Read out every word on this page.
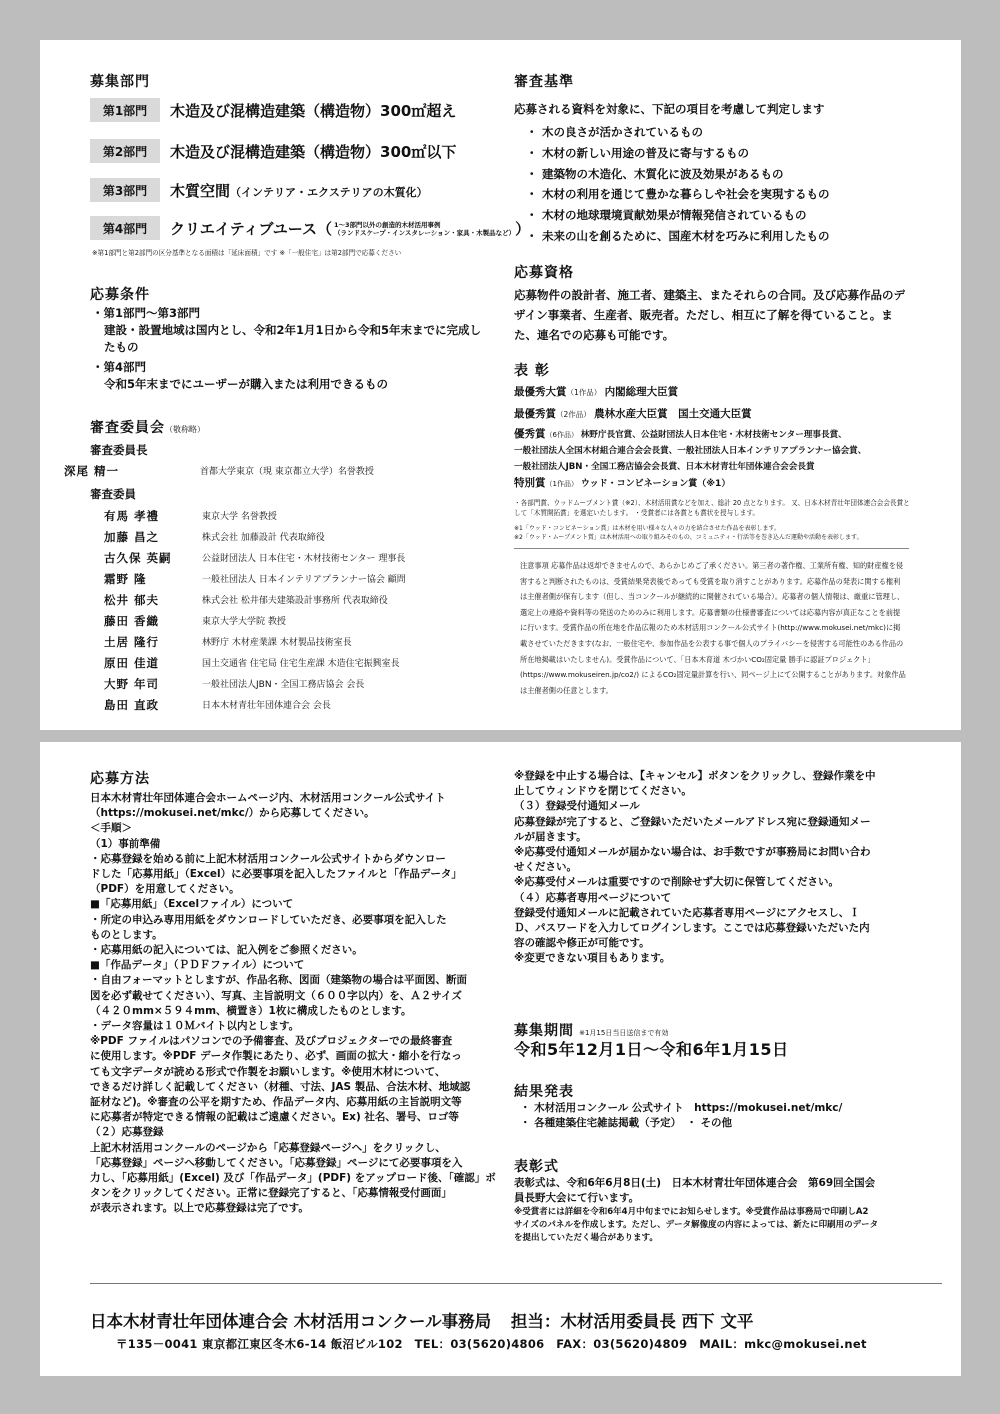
募集部門
第1部門	木造及び混構造建築（構造物）300㎡超え
第2部門	木造及び混構造建築（構造物）300㎡以下
第3部門	木質空間（インテリア・エクステリアの木質化）
第4部門	クリエイティブユース（ 1〜3部門以外の創造的木材活用事例
（ランドスケープ・インスタレーション・家具・木製品など））
※第1部門と第2部門の区分基準となる面積は「延床面積」です ※「一般住宅」は第2部門で応募ください
応募条件
・第1部門〜第3部門
建設・設置地域は国内とし、令和2年1月1日から令和5年末までに完成したもの
・第4部門
令和5年末までにユーザーが購入または利用できるもの
審査委員会（敬称略）
審査委員長
深尾 精一	首都大学東京（現 東京都立大学）名誉教授
審査委員
有馬 孝禮	東京大学 名誉教授
加藤 昌之	株式会社 加藤設計 代表取締役
古久保 英嗣	公益財団法人 日本住宅・木材技術センター 理事長
霜野 隆	一般社団法人 日本インテリアプランナー協会 顧問
松井 郁夫	株式会社 松井郁夫建築設計事務所 代表取締役
藤田 香織	東京大学大学院 教授
土居 隆行	林野庁 木材産業課 木材製品技術室長
原田 佳道	国土交通省 住宅局 住宅生産課 木造住宅振興室長
大野 年司	一般社団法人JBN・全国工務店協会 会長
島田 直政	日本木材青壮年団体連合会 会長
審査基準
応募される資料を対象に、下記の項目を考慮して判定します
・ 木の良さが活かされているもの
・ 木材の新しい用途の普及に寄与するもの
・ 建築物の木造化、木質化に波及効果があるもの
・ 木材の利用を通じて豊かな暮らしや社会を実現するもの
・ 木材の地球環境貢献効果が情報発信されているもの
・ 未来の山を創るために、国産木材を巧みに利用したもの
応募資格
応募物件の設計者、施工者、建築主、またそれらの合同。及び応募作品のデザイン事業者、生産者、販売者。ただし、相互に了解を得ていること。また、連名での応募も可能です。
表 彰
最優秀大賞（1作品） 内閣総理大臣賞
最優秀賞（2作品） 農林水産大臣賞　国土交通大臣賞
優秀賞（6作品） 林野庁長官賞、公益財団法人日本住宅・木材技術センター理事長賞、
一般社団法人全国木材組合連合会会長賞、一般社団法人日本インテリアプランナー協会賞、
一般社団法人JBN・全国工務店協会会長賞、日本木材青壮年団体連合会会長賞
特別賞（1作品） ウッド・コンビネーション賞（※1）
・各部門賞、ウッドムーブメント賞（※2）、木材活用賞などを加え、総計 20 点となります。 又、日本木材青壮年団体連合会会長賞として「木質開拓賞」を選定いたします。 ・受賞者には各賞とも賞状を授与します。
※1「ウッド・コンビネーション賞」は木材を用い様々な人々の力を結合させた作品を表彰します。
※2「ウッド・ムーブメント賞」は木材活用への取り組みそのもの、コミュニティ・行活等を巻き込んだ運動や活動を表彰します。
注意事項 応募作品は返却できませんので、あらかじめご了承ください。第三者の著作権、工業所有権、知的財産権を侵害すると判断されたものは、受賞結果発表後であっても受賞を取り消すことがあります。応募作品の発表に関する権利は主催者側が保有します（但し、当コンクールが継続的に開催されている場合）。応募者の個人情報は、厳重に管理し、選定上の連絡や資料等の発送のためのみに利用します。応募書類の仕様書審査については応募内容が真正なことを前提に行います。受賞作品の所在地を作品広報のため木材活用コンクール公式サイト(http://www.mokusei.net/mkc)に掲載させていただきます(なお、一般住宅や、参加作品を公表する事で個人のプライバシーを侵害する可能性のある作品の所在地掲載はいたしません)。受賞作品について、「日本木育道 木づかいCO₂固定量 勝手に認証プロジェクト」(https://www.mokuseiren.jp/co2/) によるCO₂固定量計算を行い、同ページ上にて公開することがあります。対象作品は主催者側の任意とします。
応募方法
日本木材青壮年団体連合会ホームページ内、木材活用コンクール公式サイト
（https://mokusei.net/mkc/）から応募してください。
＜手順＞
（1）事前準備
・応募登録を始める前に上記木材活用コンクール公式サイトからダウンロー
ドした「応募用紙」（Excel）に必要事項を記入したファイルと「作品データ」
（PDF）を用意してください。
■「応募用紙」（Excelファイル）について
・所定の申込み専用用紙をダウンロードしていただき、必要事項を記入した
ものとします。
・応募用紙の記入については、記入例をご参照ください。
■「作品データ」（ＰＤＦファイル）について
・自由フォーマットとしますが、作品名称、図面（建築物の場合は平面図、断面
図を必ず載せてください）、写真、主旨説明文（６００字以内）を、Ａ２サイズ
（４２０mm×５９４mm、横置き）1枚に構成したものとします。
・データ容量は１０Ｍバイト以内とします。
※PDF ファイルはパソコンでの予備審査、及びプロジェクターでの最終審査
に使用します。※PDF データ作製にあたり、必ず、画面の拡大・縮小を行なっ
ても文字データが読める形式で作製をお願いします。※使用木材について、
できるだけ詳しく記載してください（材種、寸法、JAS 製品、合法木材、地域認
証材など)。※審査の公平を期すため、作品データ内、応募用紙の主旨説明文等
に応募者が特定できる情報の記載はご遠慮ください。Ex) 社名、署号、ロゴ等
（２）応募登録
上記木材活用コンクールのページから「応募登録ページへ」をクリックし、
「応募登録」ページへ移動してください。「応募登録」ページにて必要事項を入
力し、「応募用紙」(Excel) 及び「作品データ」(PDF) をアップロード後、「確認」ボ
タンをクリックしてください。正常に登録完了すると、「応募情報受付画面」
が表示されます。以上で応募登録は完了です。
※登録を中止する場合は、【キャンセル】ボタンをクリックし、登録作業を中
止してウィンドウを閉じてください。
（３）登録受付通知メール
応募登録が完了すると、ご登録いただいたメールアドレス宛に登録通知メー
ルが届きます。
※応募受付通知メールが届かない場合は、お手数ですが事務局にお問い合わ
せください。
※応募受付メールは重要ですので削除せず大切に保管してください。
（４）応募者専用ページについて
登録受付通知メールに記載されていた応募者専用ページにアクセスし、Ｉ
Ｄ、パスワードを入力してログインします。ここでは応募登録いただいた内
容の確認や修正が可能です。
※変更できない項目もあります。
募集期間 ※1月15日当日送信まで有効
令和5年12月1日〜令和6年1月15日
結果発表
・ 木材活用コンクール 公式サイト　https://mokusei.net/mkc/
・ 各種建築住宅雑誌掲載（予定）　・ その他
表彰式
表彰式は、令和6年6月8日(土)　日本木材青壮年団体連合会　第69回全国会
員長野大会にて行います。
※受賞者には詳細を令和6年4月中旬までにお知らせします。※受賞作品は事務局で印刷しA2
サイズのパネルを作成します。ただし、データ解像度の内容によっては、新たに印刷用のデータ
を提出していただく場合があります。
日本木材青壮年団体連合会 木材活用コンクール事務局 担当：木材活用委員長 西下 文平
〒135－0041 東京都江東区冬木6-14 飯沼ビル102　TEL：03(5620)4806　FAX：03(5620)4809　MAIL：mkc@mokusei.net
